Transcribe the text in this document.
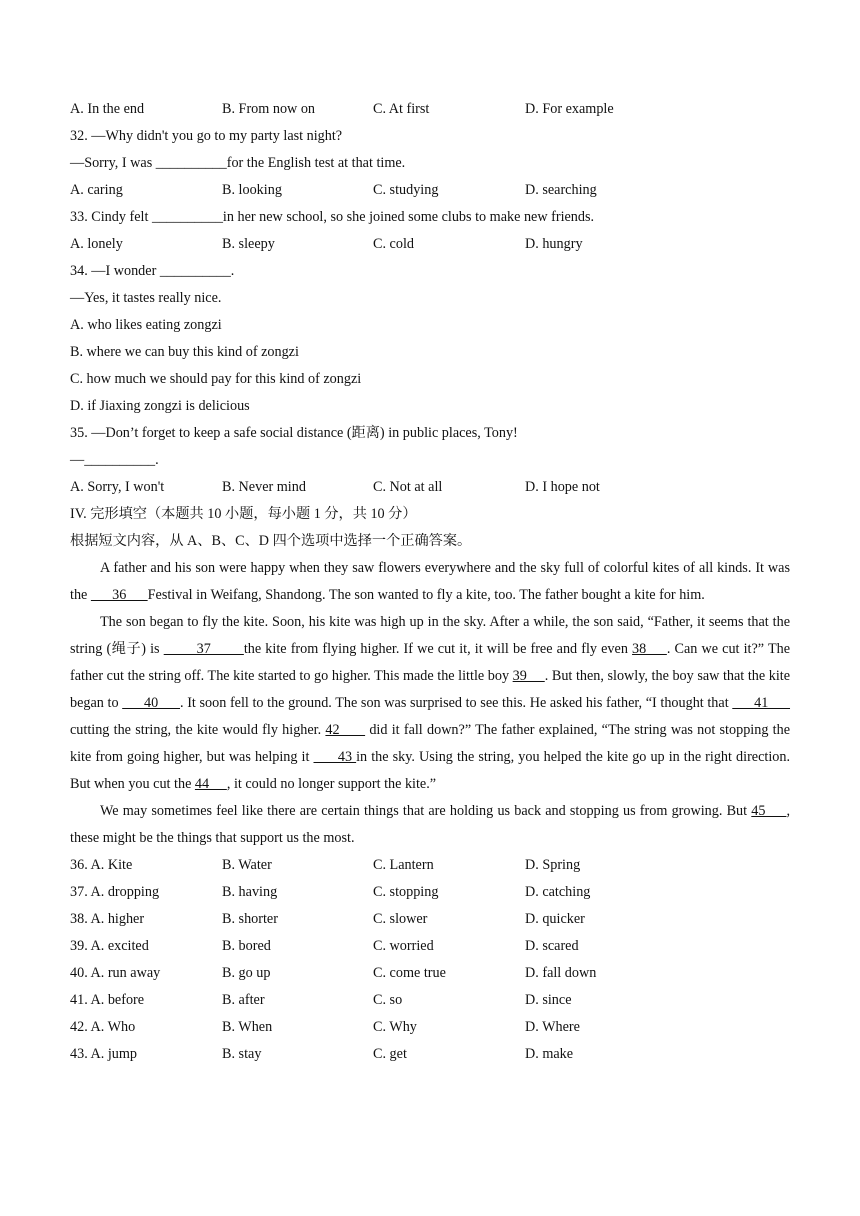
A. In the end	B. From now on	C. At first	D. For example
32. —Why didn't you go to my party last night?
—Sorry, I was __________for the English test at that time.
A. caring	B. looking	C. studying	D. searching
33. Cindy felt __________in her new school, so she joined some clubs to make new friends.
A. lonely	B. sleepy	C. cold	D. hungry
34. —I wonder __________.
—Yes, it tastes really nice.
A. who likes eating zongzi
B. where we can buy this kind of zongzi
C. how much we should pay for this kind of zongzi
D. if Jiaxing zongzi is delicious
35. —Don’t forget to keep a safe social distance (距离) in public places, Tony!
—__________.
A. Sorry, I won't	B. Never mind	C. Not at all	D. I hope not
IV. 完形填空（本题共 10 小题，每小题 1 分，共 10 分）
根据短文内容，从 A、B、C、D 四个选项中选择一个正确答案。
A father and his son were happy when they saw flowers everywhere and the sky full of colorful kites of all kinds. It was the       36      Festival in Weifang, Shandong. The son wanted to fly a kite, too. The father bought a kite for him.
The son began to fly the kite. Soon, his kite was high up in the sky. After a while, the son said, “Father, it seems that the string (绳子) is         37        the kite from flying higher. If we cut it, it will be free and fly even 38     . Can we cut it?” The father cut the string off. The kite started to go higher. This made the little boy 39     . But then, slowly, the boy saw that the kite began to       40      . It soon fell to the ground. The son was surprised to see this. He asked his father, “I thought that       41       cutting the string, the kite would fly higher. 42       did it fall down?” The father explained, “The string was not stopping the kite from going higher, but was helping it       43 in the sky. Using the string, you helped the kite go up in the right direction. But when you cut the 44     , it could no longer support the kite.”
We may sometimes feel like there are certain things that are holding us back and stopping us from growing. But 45     , these might be the things that support us the most.
36. A. Kite	B. Water	C. Lantern	D. Spring
37. A. dropping	B. having	C. stopping	D. catching
38. A. higher	B. shorter	C. slower	D. quicker
39. A. excited	B. bored	C. worried	D. scared
40. A. run away	B. go up	C. come true	D. fall down
41. A. before	B. after	C. so	D. since
42. A. Who	B. When	C. Why	D. Where
43. A. jump	B. stay	C. get	D. make
